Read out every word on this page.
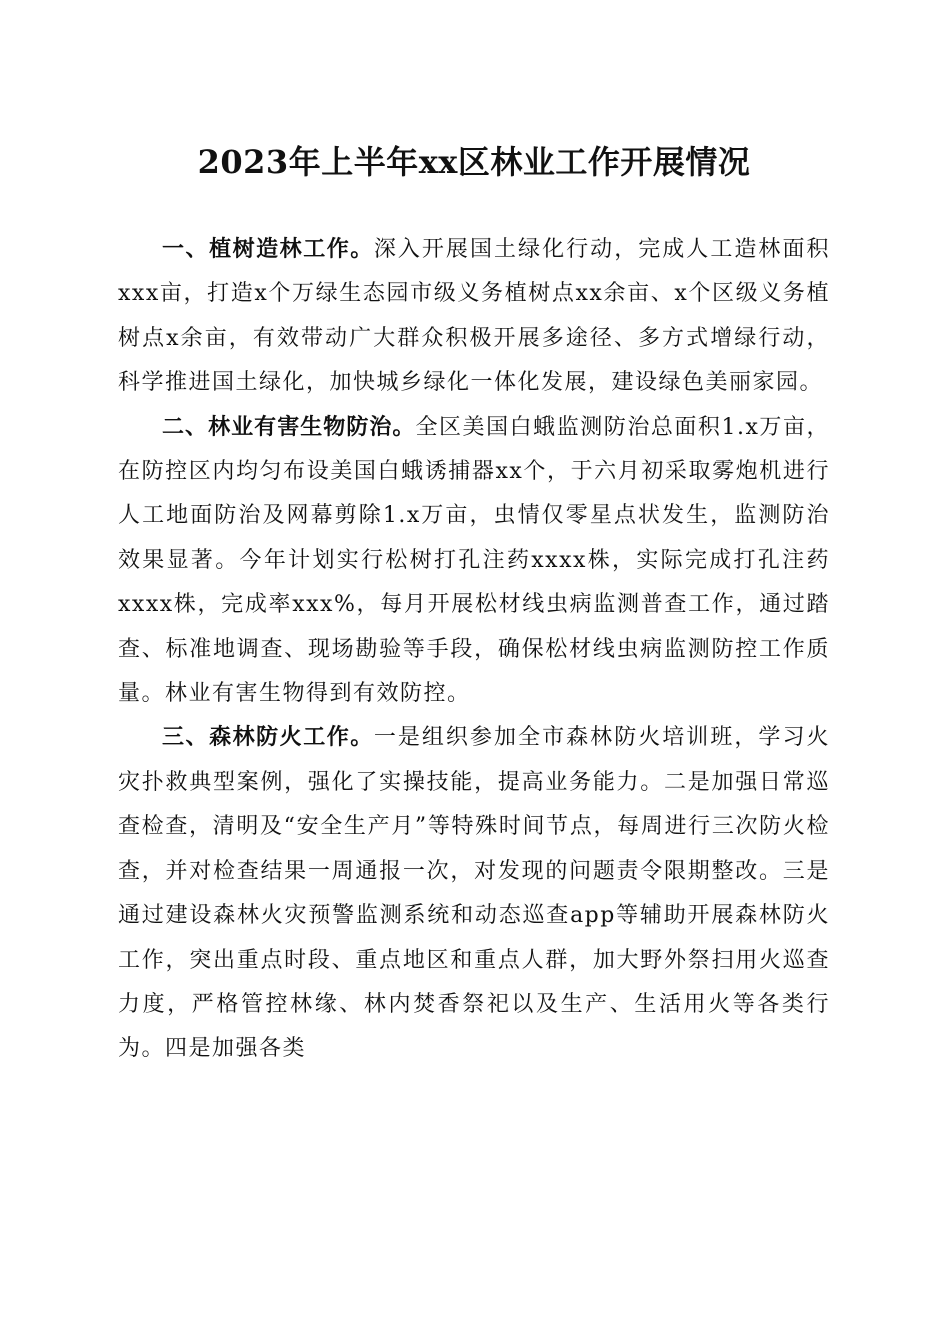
2023年上半年xx区林业工作开展情况

一、植树造林工作。深入开展国土绿化行动，完成人工造林面积xxx亩，打造x个万绿生态园市级义务植树点xx余亩、x个区级义务植树点x余亩，有效带动广大群众积极开展多途径、多方式增绿行动，科学推进国土绿化，加快城乡绿化一体化发展，建设绿色美丽家园。

二、林业有害生物防治。全区美国白蛾监测防治总面积1.x万亩，在防控区内均匀布设美国白蛾诱捕器xx个，于六月初采取雾炮机进行人工地面防治及网幕剪除1.x万亩，虫情仅零星点状发生，监测防治效果显著。今年计划实行松树打孔注药xxxx株，实际完成打孔注药xxxx株，完成率xxx%，每月开展松材线虫病监测普查工作，通过踏查、标准地调查、现场勘验等手段，确保松材线虫病监测防控工作质量。林业有害生物得到有效防控。

三、森林防火工作。一是组织参加全市森林防火培训班，学习火灾扑救典型案例，强化了实操技能，提高业务能力。二是加强日常巡查检查，清明及“安全生产月”等特殊时间节点，每周进行三次防火检查，并对检查结果一周通报一次，对发现的问题责令限期整改。三是通过建设森林火灾预警监测系统和动态巡查app等辅助开展森林防火工作，突出重点时段、重点地区和重点人群，加大野外祭扫用火巡查力度，严格管控林缘、林内焚香祭祀以及生产、生活用火等各类行为。四是加强各类
